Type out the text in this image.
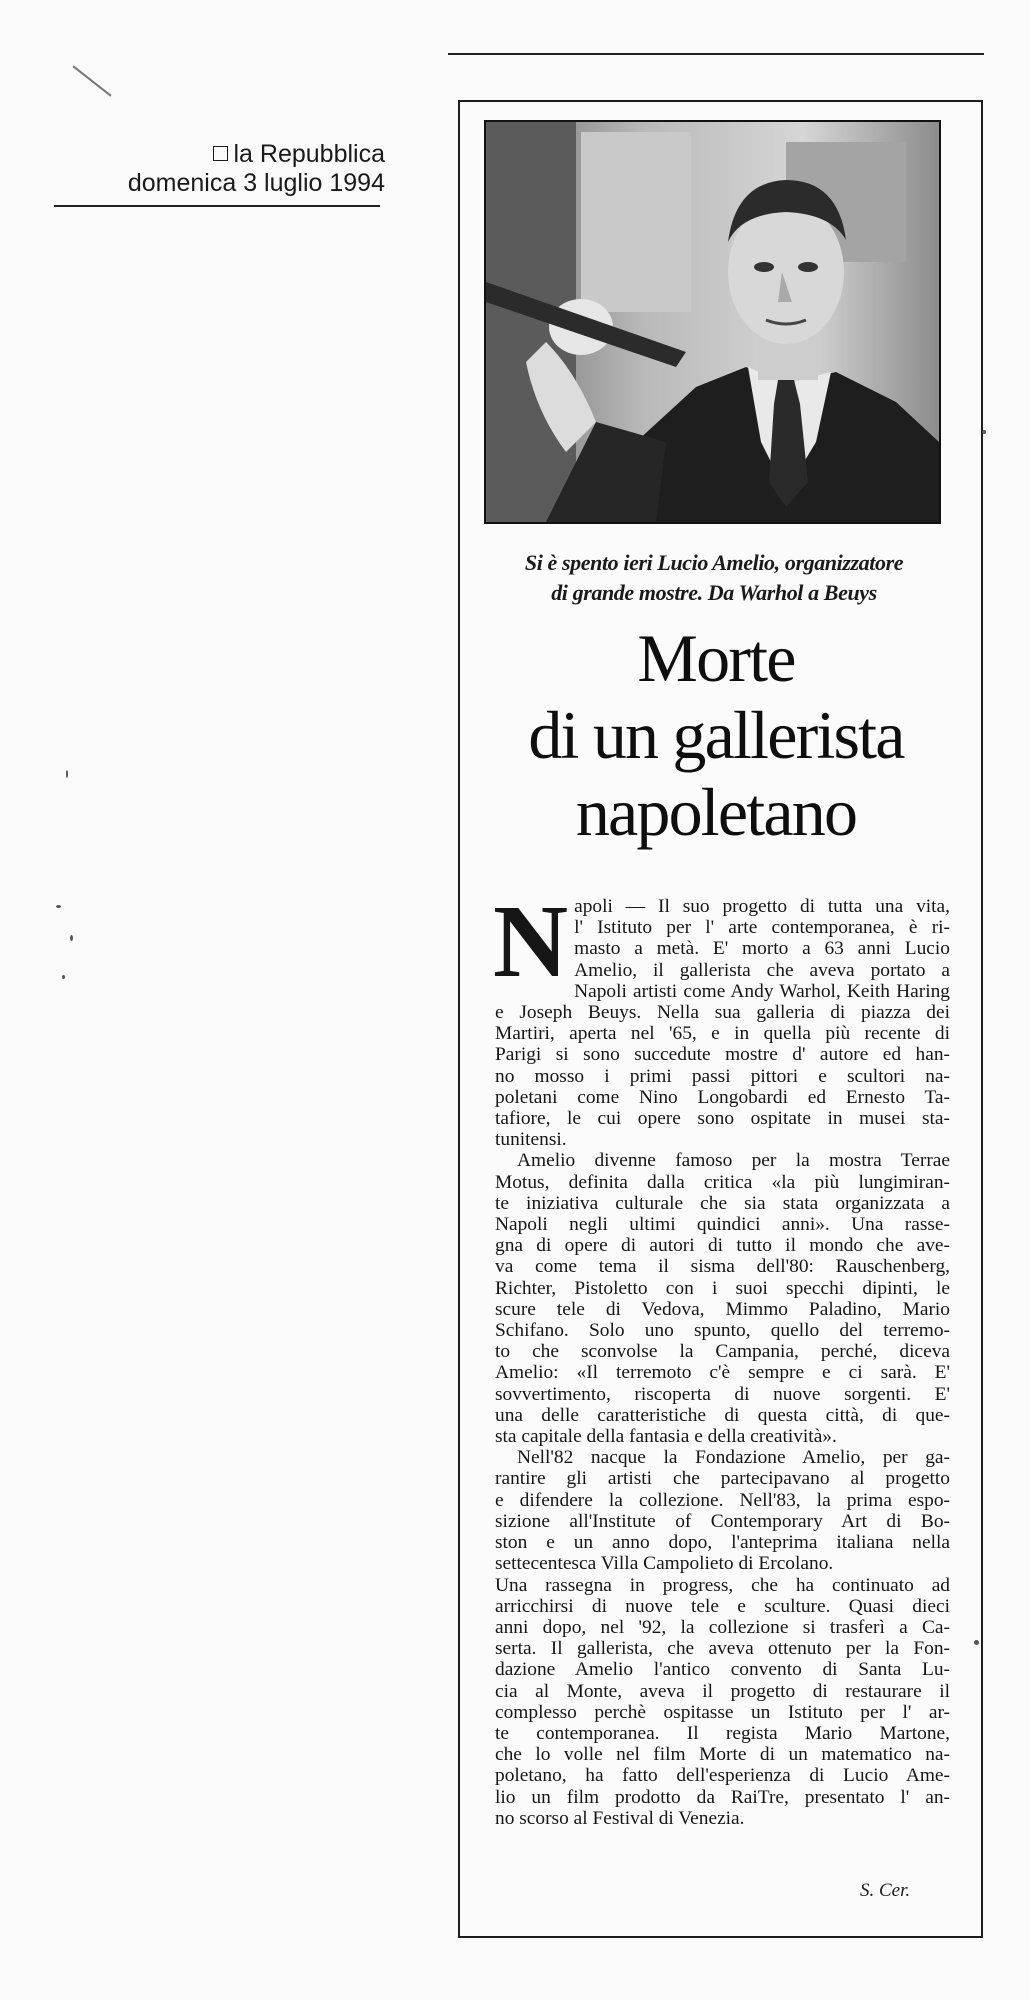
la Repubblica
domenica 3 luglio 1994
Si è spento ieri Lucio Amelio, organizzatore
di grande mostre. Da Warhol a Beuys
Morte
di un gallerista
napoletano
N apoli — Il suo progetto di tutta una vita,
l' Istituto per l' arte contemporanea, è ri-
masto a metà. E' morto a 63 anni Lucio
Amelio, il gallerista che aveva portato a
Napoli artisti come Andy Warhol, Keith Haring
e Joseph Beuys. Nella sua galleria di piazza dei
Martiri, aperta nel '65, e in quella più recente di
Parigi si sono succedute mostre d' autore ed han-
no mosso i primi passi pittori e scultori na-
poletani come Nino Longobardi ed Ernesto Ta-
tafiore, le cui opere sono ospitate in musei sta-
tunitensi.
Amelio divenne famoso per la mostra Terrae
Motus, definita dalla critica «la più lungimiran-
te iniziativa culturale che sia stata organizzata a
Napoli negli ultimi quindici anni». Una rasse-
gna di opere di autori di tutto il mondo che ave-
va come tema il sisma dell'80: Rauschenberg,
Richter, Pistoletto con i suoi specchi dipinti, le
scure tele di Vedova, Mimmo Paladino, Mario
Schifano. Solo uno spunto, quello del terremo-
to che sconvolse la Campania, perché, diceva
Amelio: «Il terremoto c'è sempre e ci sarà. E'
sovvertimento, riscoperta di nuove sorgenti. E'
una delle caratteristiche di questa città, di que-
sta capitale della fantasia e della creatività».
Nell'82 nacque la Fondazione Amelio, per ga-
rantire gli artisti che partecipavano al progetto
e difendere la collezione. Nell'83, la prima espo-
sizione all'Institute of Contemporary Art di Bo-
ston e un anno dopo, l'anteprima italiana nella
settecentesca Villa Campolieto di Ercolano.
Una rassegna in progress, che ha continuato ad
arricchirsi di nuove tele e sculture. Quasi dieci
anni dopo, nel '92, la collezione si trasferì a Ca-
serta. Il gallerista, che aveva ottenuto per la Fon-
dazione Amelio l'antico convento di Santa Lu-
cia al Monte, aveva il progetto di restaurare il
complesso perchè ospitasse un Istituto per l' ar-
te contemporanea. Il regista Mario Martone,
che lo volle nel film Morte di un matematico na-
poletano, ha fatto dell'esperienza di Lucio Ame-
lio un film prodotto da RaiTre, presentato l' an-
no scorso al Festival di Venezia.
S. Cer.
